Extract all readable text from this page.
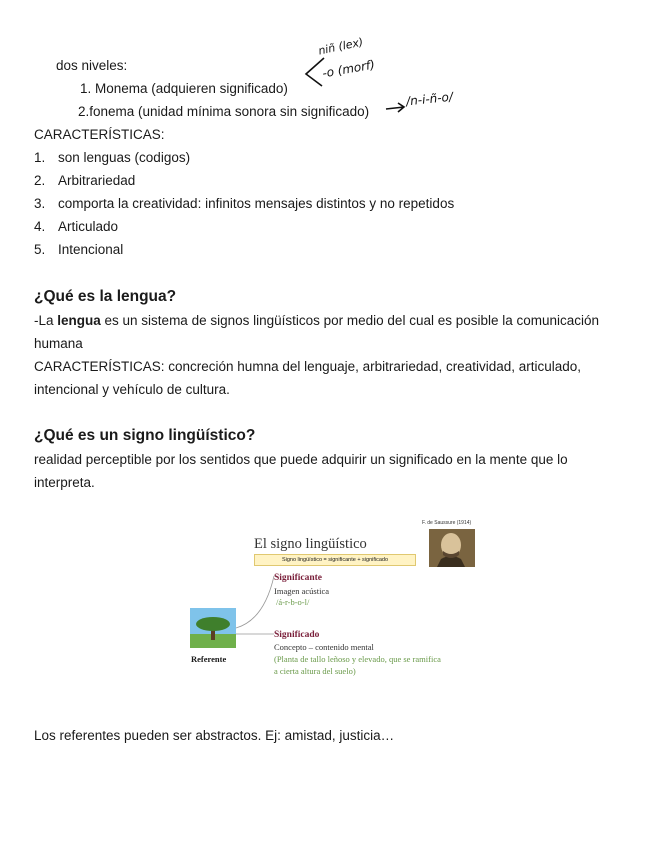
dos niveles:
1. Monema (adquieren significado)
2.fonema (unidad mínima sonora sin significado)
niñ (lex)
-o (morf)
/n-i-ñ-o/
CARACTERÍSTICAS:
1. son lenguas (codigos)
2. Arbitrariedad
3. comporta la creatividad: infinitos mensajes distintos y no repetidos
4. Articulado
5. Intencional
¿Qué es la lengua?
-La lengua es un sistema de signos lingüísticos por medio del cual es posible la comunicación humana
CARACTERÍSTICAS: concreción humna del lenguaje, arbitrariedad, creatividad, articulado, intencional y vehículo de cultura.
¿Qué es un signo lingüístico?
realidad perceptible por los sentidos que puede adquirir un significado en la mente que lo interpreta.
El signo lingüístico
Signo lingüístico = significante + significado
F. de Saussure (1914)
Significante
Imagen acústica
/á-r-b-o-l/
Significado
Concepto – contenido mental
(Planta de tallo leñoso y elevado, que se ramifica
a cierta altura del suelo)
Referente
Los referentes pueden ser abstractos. Ej: amistad, justicia…
